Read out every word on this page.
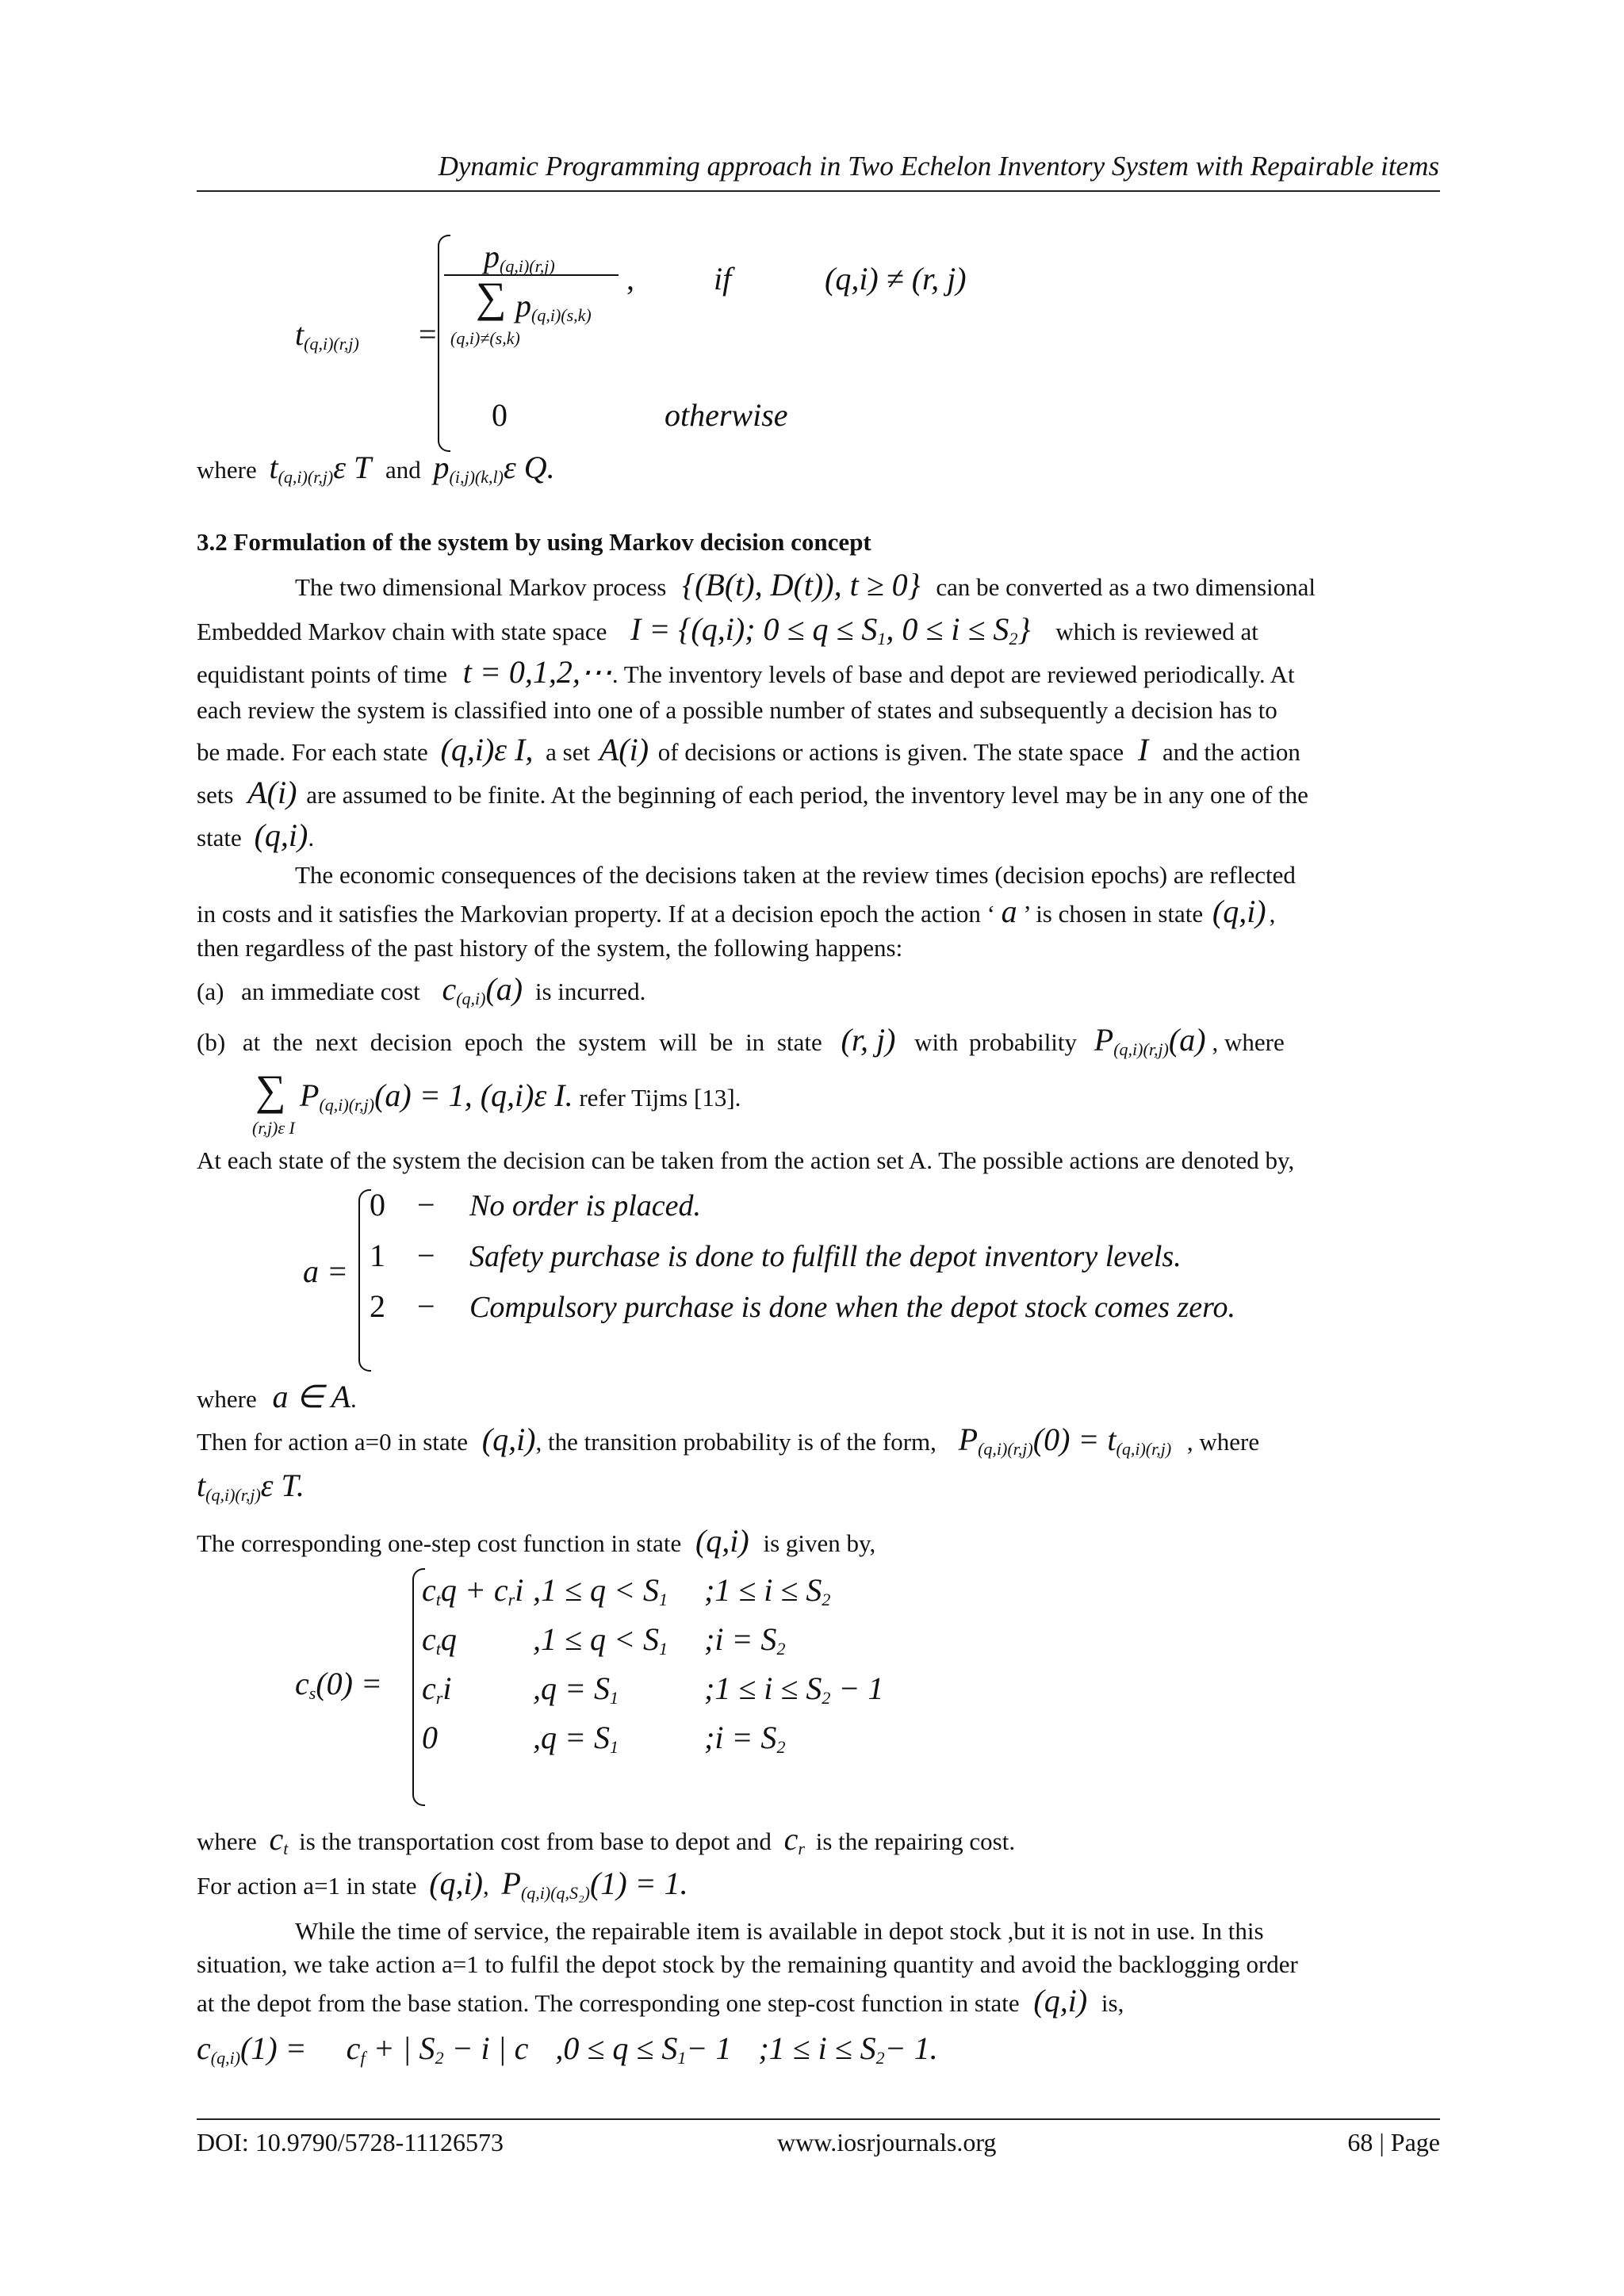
Dynamic Programming approach in Two Echelon Inventory System with Repairable items
$t_{(q,i)(r,j)}$ =
$p_{(q,i)(r,j)}$
∑ $p_{(q,i)(s,k)}$
(q,i)≠(s,k)
,	if	(q,i) ≠ (r, j)
0	otherwise
where $t_{(q,i)(r,j)}\varepsilon$ T and $p_{(i,j)(k,l)}\varepsilon$ Q.
3.2 Formulation of the system by using Markov decision concept
The two dimensional Markov process {(B(t), D(t)), t ≥ 0} can be converted as a two dimensional
Embedded Markov chain with state space I = {(q,i); $0 \le q \le S_1$, $0 \le i \le S_2$} which is reviewed at
equidistant points of time t = 0,1,2,⋯. The inventory levels of base and depot are reviewed periodically. At
each review the system is classified into one of a possible number of states and subsequently a decision has to
be made. For each state (q,i)ε I, a set A(i) of decisions or actions is given. The state space I and the action
sets A(i) are assumed to be finite. At the beginning of each period, the inventory level may be in any one of the
state (q,i).
The economic consequences of the decisions taken at the review times (decision epochs) are reflected
in costs and it satisfies the Markovian property. If at a decision epoch the action ‘ a ’ is chosen in state (q,i) ,
then regardless of the past history of the system, the following happens:
(a) an immediate cost $c_{(q,i)}(a)$ is incurred.
(b) at the next decision epoch the system will be in state (r, j) with probability $P_{(q,i)(r,j)}(a)$ , where
∑
(r,j)ε I
$P_{(q,i)(r,j)}(a) = 1$, (q,i)ε I. refer Tijms [13].
At each state of the system the decision can be taken from the action set A. The possible actions are denoted by,
a =
0	−	No order is placed.
1	−	Safety purchase is done to fulfill the depot inventory levels.
2	−	Compulsory purchase is done when the depot stock comes zero.
where a ∈ A.
Then for action a=0 in state (q,i), the transition probability is of the form, $P_{(q,i)(r,j)}(0) = t_{(q,i)(r,j)}$ , where
$t_{(q,i)(r,j)}\varepsilon$ T.
The corresponding one-step cost function in state (q,i) is given by,
$c_s(0)$ =
$c_tq + c_ri$ $,1 \le q < S_1$	;1 ≤ $i \le S_2$
$c_tq$	$,1 \le q < S_1$	;i = $S_2$
$c_ri$	$,q = S_1$	;1 ≤ $i \le S_2 - 1$
0	$,q = S_1$	;i = $S_2$
where $c_t$ is the transportation cost from base to depot and $c_r$ is the repairing cost.
For action a=1 in state (q,i), $P_{(q,i)(q,S_2)}(1) = 1$.
While the time of service, the repairable item is available in depot stock ,but it is not in use. In this
situation, we take action a=1 to fulfil the depot stock by the remaining quantity and avoid the backlogging order
at the depot from the base station. The corresponding one step-cost function in state (q,i) is,
$c_{(q,i)}(1) = c_f$ + | $S_2 - i$ | c $,0 \le q \le S_1- 1$ ;1 ≤ $i \le S_2- 1$.
DOI: 10.9790/5728-11126573	www.iosrjournals.org	68 | Page
